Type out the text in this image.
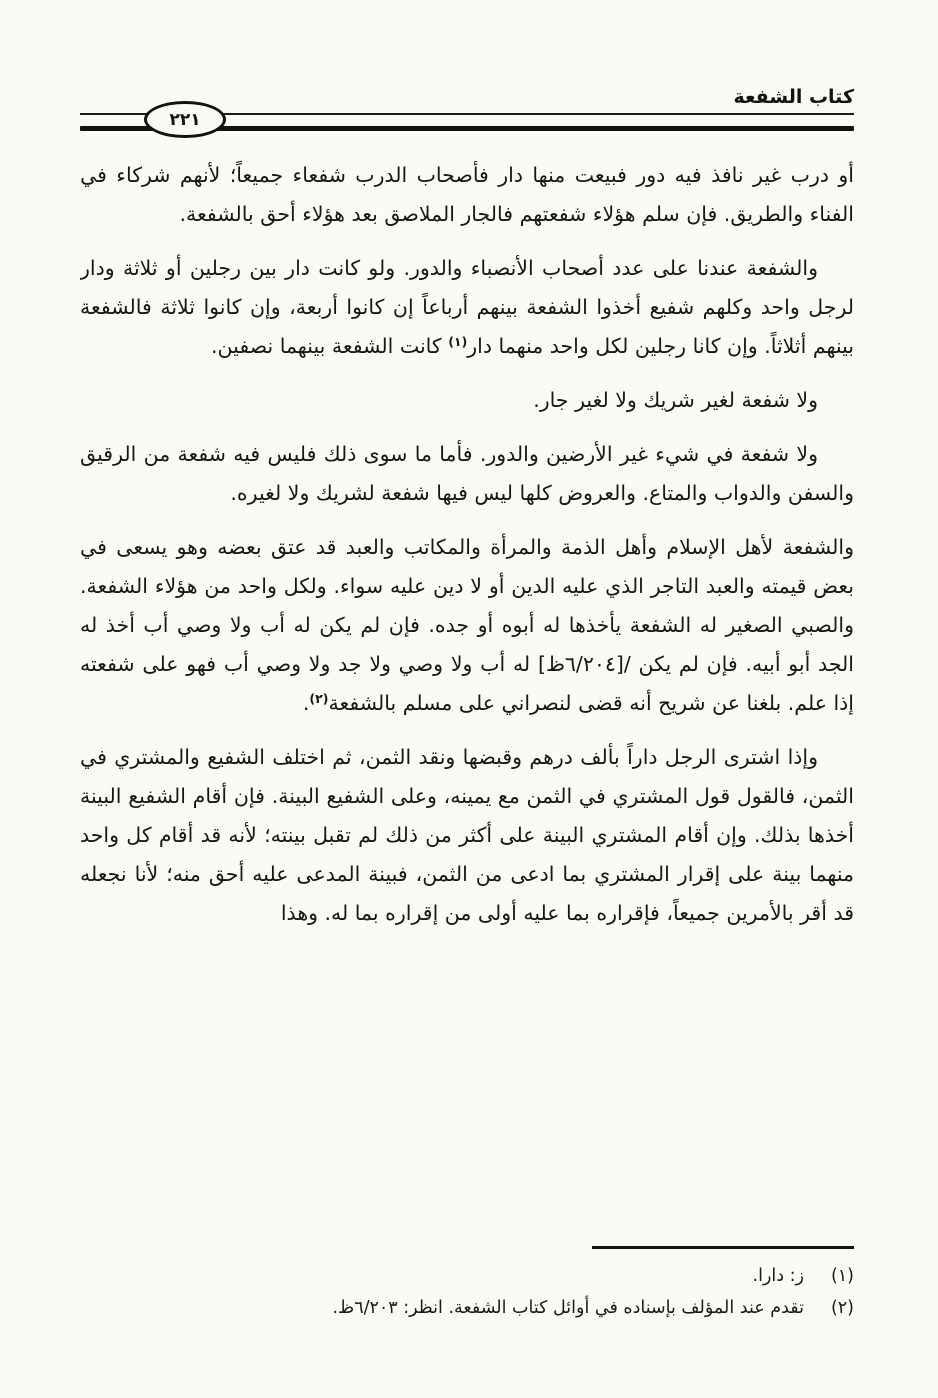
كتاب الشفعة
٢٢١

أو درب غير نافذ فيه دور فبيعت منها دار فأصحاب الدرب شفعاء جميعاً؛ لأنهم شركاء في الفناء والطريق. فإن سلم هؤلاء شفعتهم فالجار الملاصق بعد هؤلاء أحق بالشفعة.

والشفعة عندنا على عدد أصحاب الأنصباء والدور. ولو كانت دار بين رجلين أو ثلاثة ودار لرجل واحد وكلهم شفيع أخذوا الشفعة بينهم أرباعاً إن كانوا أربعة، وإن كانوا ثلاثة فالشفعة بينهم أثلاثاً. وإن كانا رجلين لكل واحد منهما دار$^{(١)}$ كانت الشفعة بينهما نصفين.

ولا شفعة لغير شريك ولا لغير جار.

ولا شفعة في شيء غير الأرضين والدور. فأما ما سوى ذلك فليس فيه شفعة من الرقيق والسفن والدواب والمتاع. والعروض كلها ليس فيها شفعة لشريك ولا لغيره.

والشفعة لأهل الإسلام وأهل الذمة والمرأة والمكاتب والعبد قد عتق بعضه وهو يسعى في بعض قيمته والعبد التاجر الذي عليه الدين أو لا دين عليه سواء. ولكل واحد من هؤلاء الشفعة. والصبي الصغير له الشفعة يأخذها له أبوه أو جده. فإن لم يكن له أب ولا وصي أب أخذ له الجد أبو أبيه. فإن لم يكن /[٦/٢٠٤ظ] له أب ولا وصي ولا جد ولا وصي أب فهو على شفعته إذا علم. بلغنا عن شريح أنه قضى لنصراني على مسلم بالشفعة$^{(٢)}$.

وإذا اشترى الرجل داراً بألف درهم وقبضها ونقد الثمن، ثم اختلف الشفيع والمشتري في الثمن، فالقول قول المشتري في الثمن مع يمينه، وعلى الشفيع البينة. فإن أقام الشفيع البينة أخذها بذلك. وإن أقام المشتري البينة على أكثر من ذلك لم تقبل بينته؛ لأنه قد أقام كل واحد منهما بينة على إقرار المشتري بما ادعى من الثمن، فبينة المدعى عليه أحق منه؛ لأنا نجعله قد أقر بالأمرين جميعاً، فإقراره بما عليه أولى من إقراره بما له. وهذا

(١)
ز: دارا.
(٢)
تقدم عند المؤلف بإسناده في أوائل كتاب الشفعة. انظر: ٦/٢٠٣ظ.
